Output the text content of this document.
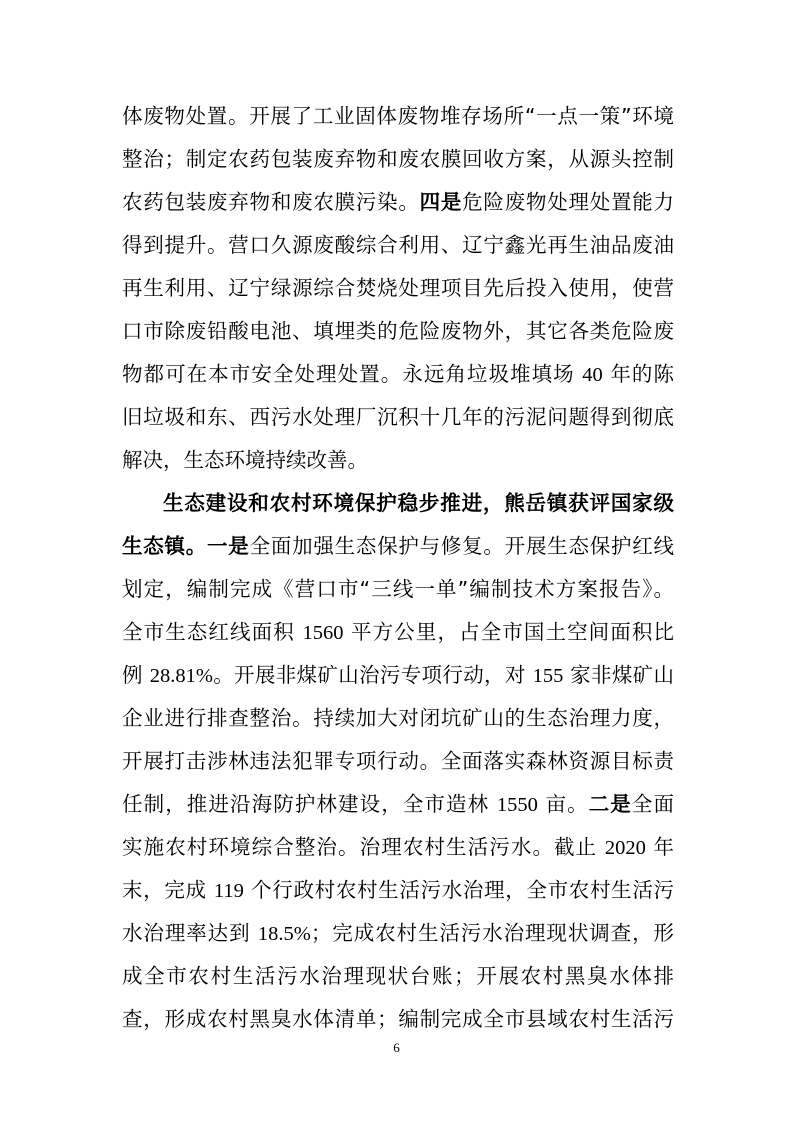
体废物处置。开展了工业固体废物堆存场所“一点一策”环境
整治；制定农药包装废弃物和废农膜回收方案，从源头控制
农药包装废弃物和废农膜污染。四是危险废物处理处置能力
得到提升。营口久源废酸综合利用、辽宁鑫光再生油品废油
再生利用、辽宁绿源综合焚烧处理项目先后投入使用，使营
口市除废铅酸电池、填埋类的危险废物外，其它各类危险废
物都可在本市安全处理处置。永远角垃圾堆填场 40 年的陈
旧垃圾和东、西污水处理厂沉积十几年的污泥问题得到彻底
解决，生态环境持续改善。
生态建设和农村环境保护稳步推进，熊岳镇获评国家级
生态镇。一是全面加强生态保护与修复。开展生态保护红线
划定，编制完成《营口市“三线一单”编制技术方案报告》。
全市生态红线面积 1560 平方公里，占全市国土空间面积比
例 28.81%。开展非煤矿山治污专项行动，对 155 家非煤矿山
企业进行排查整治。持续加大对闭坑矿山的生态治理力度，
开展打击涉林违法犯罪专项行动。全面落实森林资源目标责
任制，推进沿海防护林建设，全市造林 1550 亩。二是全面
实施农村环境综合整治。治理农村生活污水。截止 2020 年
末，完成 119 个行政村农村生活污水治理，全市农村生活污
水治理率达到 18.5%；完成农村生活污水治理现状调查，形
成全市农村生活污水治理现状台账；开展农村黑臭水体排
查，形成农村黑臭水体清单；编制完成全市县域农村生活污
6
